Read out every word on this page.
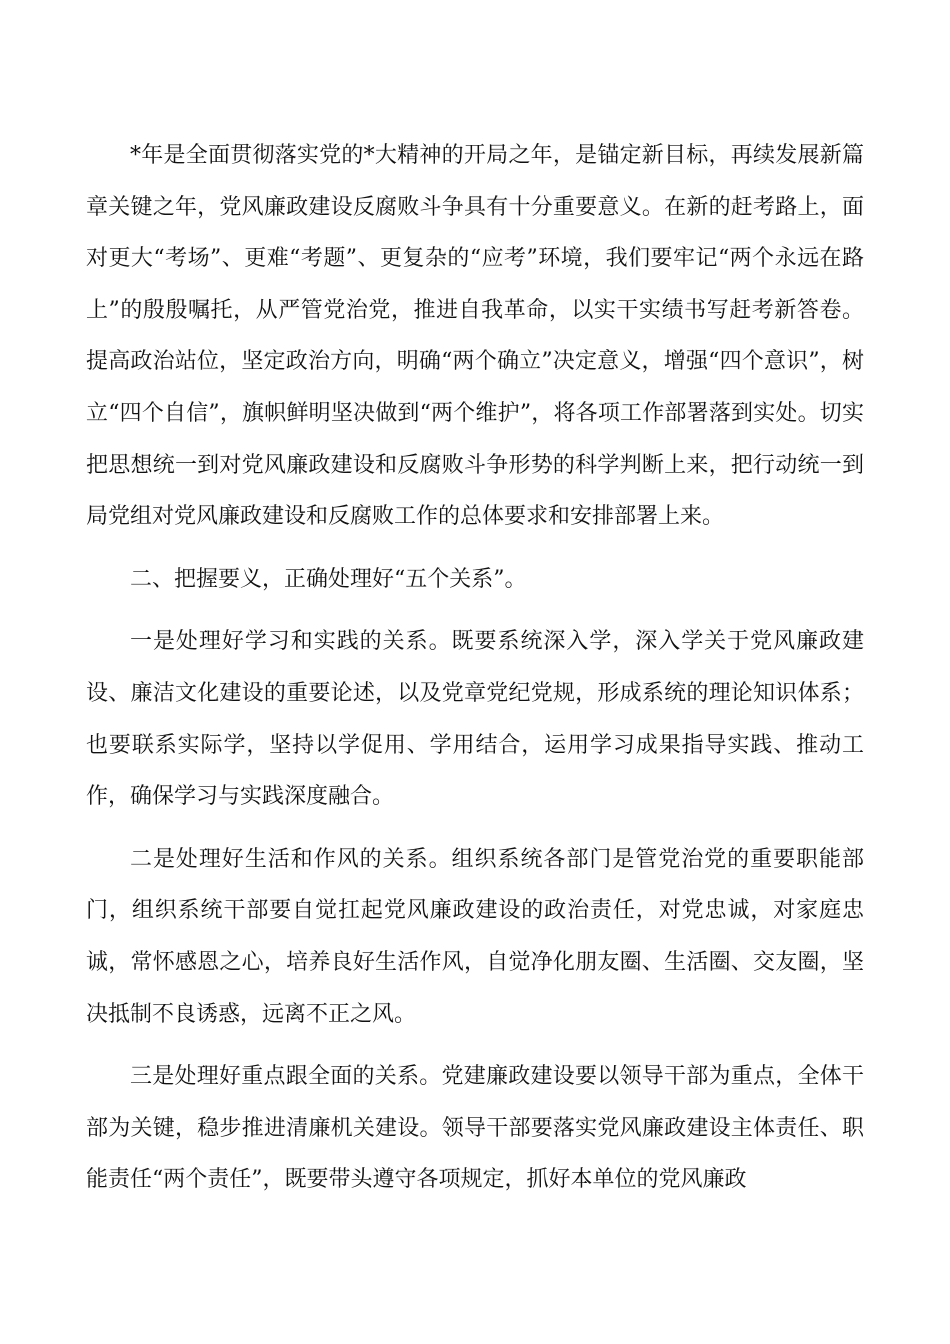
*年是全面贯彻落实党的*大精神的开局之年，是锚定新目标，再续发展新篇章关键之年，党风廉政建设反腐败斗争具有十分重要意义。在新的赶考路上，面对更大“考场”、更难“考题”、更复杂的“应考”环境，我们要牢记“两个永远在路上”的殷殷嘱托，从严管党治党，推进自我革命，以实干实绩书写赶考新答卷。提高政治站位，坚定政治方向，明确“两个确立”决定意义，增强“四个意识”，树立“四个自信”，旗帜鲜明坚决做到“两个维护”，将各项工作部署落到实处。切实把思想统一到对党风廉政建设和反腐败斗争形势的科学判断上来，把行动统一到局党组对党风廉政建设和反腐败工作的总体要求和安排部署上来。

二、把握要义，正确处理好“五个关系”。

一是处理好学习和实践的关系。既要系统深入学，深入学关于党风廉政建设、廉洁文化建设的重要论述，以及党章党纪党规，形成系统的理论知识体系；也要联系实际学，坚持以学促用、学用结合，运用学习成果指导实践、推动工作，确保学习与实践深度融合。

二是处理好生活和作风的关系。组织系统各部门是管党治党的重要职能部门，组织系统干部要自觉扛起党风廉政建设的政治责任，对党忠诚，对家庭忠诚，常怀感恩之心，培养良好生活作风，自觉净化朋友圈、生活圈、交友圈，坚决抵制不良诱惑，远离不正之风。

三是处理好重点跟全面的关系。党建廉政建设要以领导干部为重点，全体干部为关键，稳步推进清廉机关建设。领导干部要落实党风廉政建设主体责任、职能责任“两个责任”，既要带头遵守各项规定，抓好本单位的党风廉政
